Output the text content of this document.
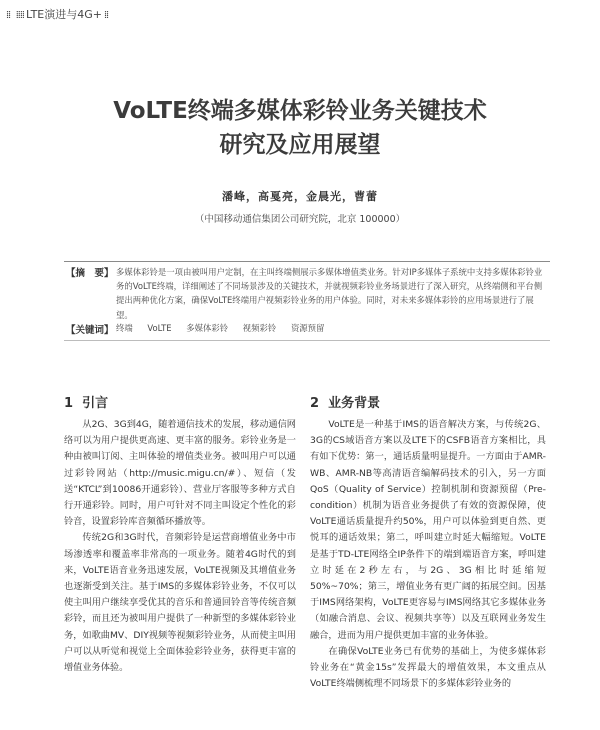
⁞⁞ ⁞⁞⁞⁞ LTE演进与4G+ ⁞⁞
VoLTE终端多媒体彩铃业务关键技术
研究及应用展望
潘峰，高戛亮，金晨光，曹蕾
（中国移动通信集团公司研究院，北京 100000）
【摘　要】 多媒体彩铃是一项由被叫用户定制，在主叫终端侧展示多媒体增值类业务。针对IP多媒体子系统中支持多媒体彩铃业务的VoLTE终端，详细阐述了不同场景涉及的关键技术，并就视频彩铃业务场景进行了深入研究，从终端侧和平台侧提出两种优化方案，确保VoLTE终端用户视频彩铃业务的用户体验。同时，对未来多媒体彩铃的应用场景进行了展望。
【关键词】 终端 VoLTE 多媒体彩铃 视频彩铃 资源预留
1 引言	2 业务背景

从2G、3G到4G，随着通信技术的发展，移动通信网络可以为用户提供更高速、更丰富的服务。彩铃业务是一种由被叫订阅、主叫体验的增值类业务。被叫用户可以通过彩铃网站（http://music.migu.cn/#）、短信（发送“KTCL”到10086开通彩铃）、营业厅客服等多种方式自行开通彩铃。同时，用户可针对不同主叫设定个性化的彩铃音，设置彩铃库音频循环播放等。

传统2G和3G时代，音频彩铃是运营商增值业务中市场渗透率和覆盖率非常高的一项业务。随着4G时代的到来，VoLTE语音业务迅速发展，VoLTE视频及其增值业务也逐渐受到关注。基于IMS的多媒体彩铃业务，不仅可以使主叫用户继续享受优其的音乐和普通回铃音等传统音频彩铃，而且还为被叫用户提供了一种新型的多媒体彩铃业务，如歌曲MV、DIY视频等视频彩铃业务，从而使主叫用户可以从听觉和视觉上全面体验彩铃业务，获得更丰富的增值业务体验。

VoLTE是一种基于IMS的语音解决方案，与传统2G、3G的CS域语音方案以及LTE下的CSFB语音方案相比，具有如下优势：第一，通话质量明显提升。一方面由于AMR-WB、AMR-NB等高清语音编解码技术的引入，另一方面QoS（Quality of Service）控制机制和资源预留（Pre-condition）机制为语音业务提供了有效的资源保障，使VoLTE通话质量提升约50%，用户可以体验到更自然、更悦耳的通话效果；第二，呼叫建立时延大幅缩短。VoLTE是基于TD-LTE网络全IP条件下的端到端语音方案，呼叫建立时延在2秒左右，与2G、3G相比时延缩短50%~70%；第三，增值业务有更广阔的拓展空间。因基于IMS网络架构，VoLTE更容易与IMS网络其它多媒体业务（如融合消息、会议、视频共享等）以及互联网业务发生融合，进而为用户提供更加丰富的业务体验。

在确保VoLTE业务已有优势的基础上，为使多媒体彩铃业务在“黄金15s”发挥最大的增值效果，本文重点从VoLTE终端侧梳理不同场景下的多媒体彩铃业务的
